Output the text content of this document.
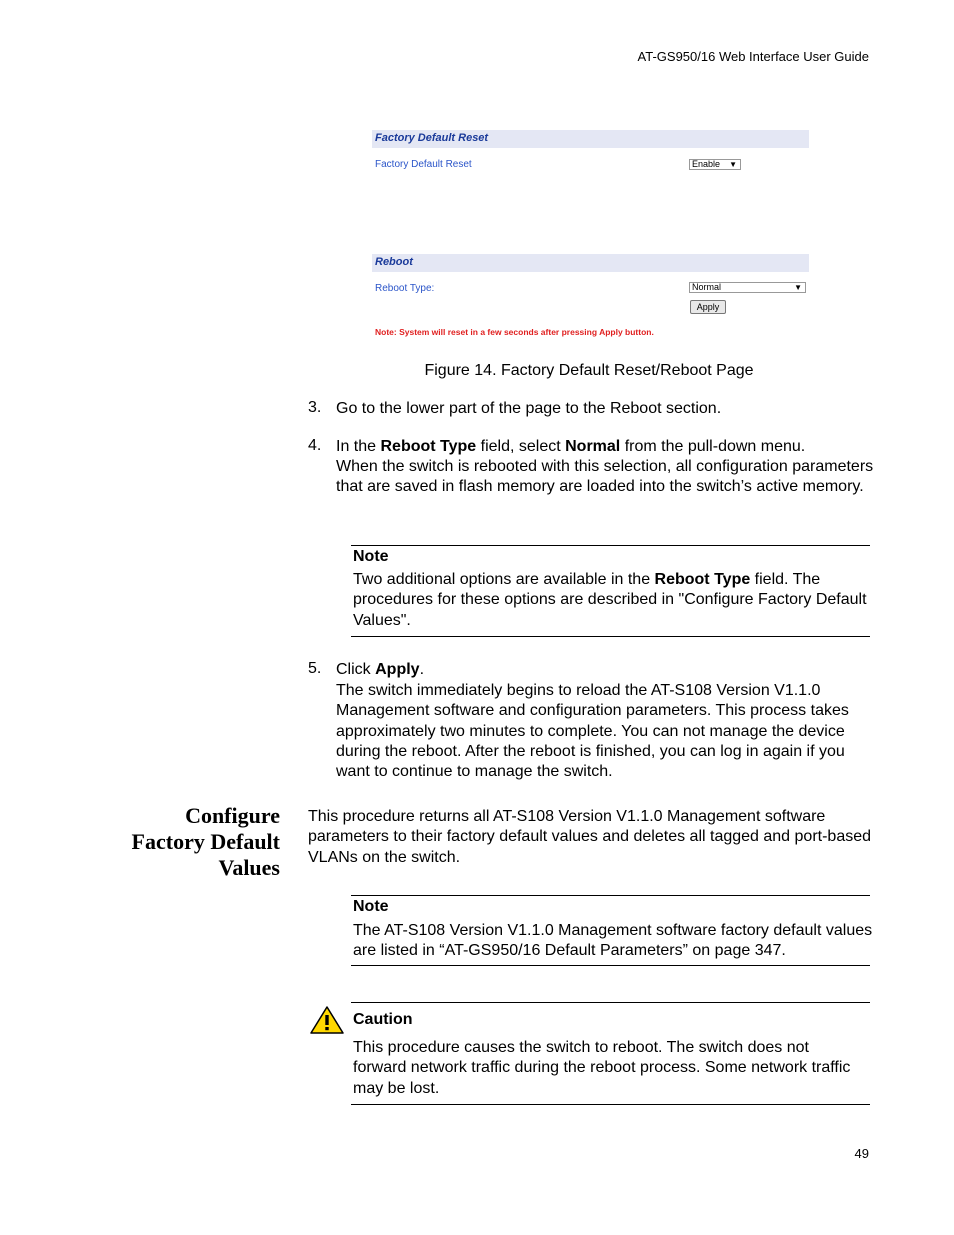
AT-GS950/16 Web Interface User Guide
Factory Default Reset
Factory Default Reset	Enable ▼
Reboot
Reboot Type:	Normal	▼
Apply
Note: System will reset in a few seconds after pressing Apply button.
Figure 14. Factory Default Reset/Reboot Page
3. Go to the lower part of the page to the Reboot section.
4. In the Reboot Type field, select Normal from the pull-down menu.
When the switch is rebooted with this selection, all configuration parameters that are saved in flash memory are loaded into the switch’s active memory.
Note
Two additional options are available in the Reboot Type field. The procedures for these options are described in "Configure Factory Default Values".
5. Click Apply.
The switch immediately begins to reload the AT-S108 Version V1.1.0 Management software and configuration parameters. This process takes approximately two minutes to complete. You can not manage the device during the reboot. After the reboot is finished, you can log in again if you want to continue to manage the switch.
Configure
Factory Default
Values
This procedure returns all AT-S108 Version V1.1.0 Management software parameters to their factory default values and deletes all tagged and port-based VLANs on the switch.
Note
The AT-S108 Version V1.1.0 Management software factory default values are listed in “AT-GS950/16 Default Parameters” on page 347.
Caution
This procedure causes the switch to reboot. The switch does not forward network traffic during the reboot process. Some network traffic may be lost.
49
